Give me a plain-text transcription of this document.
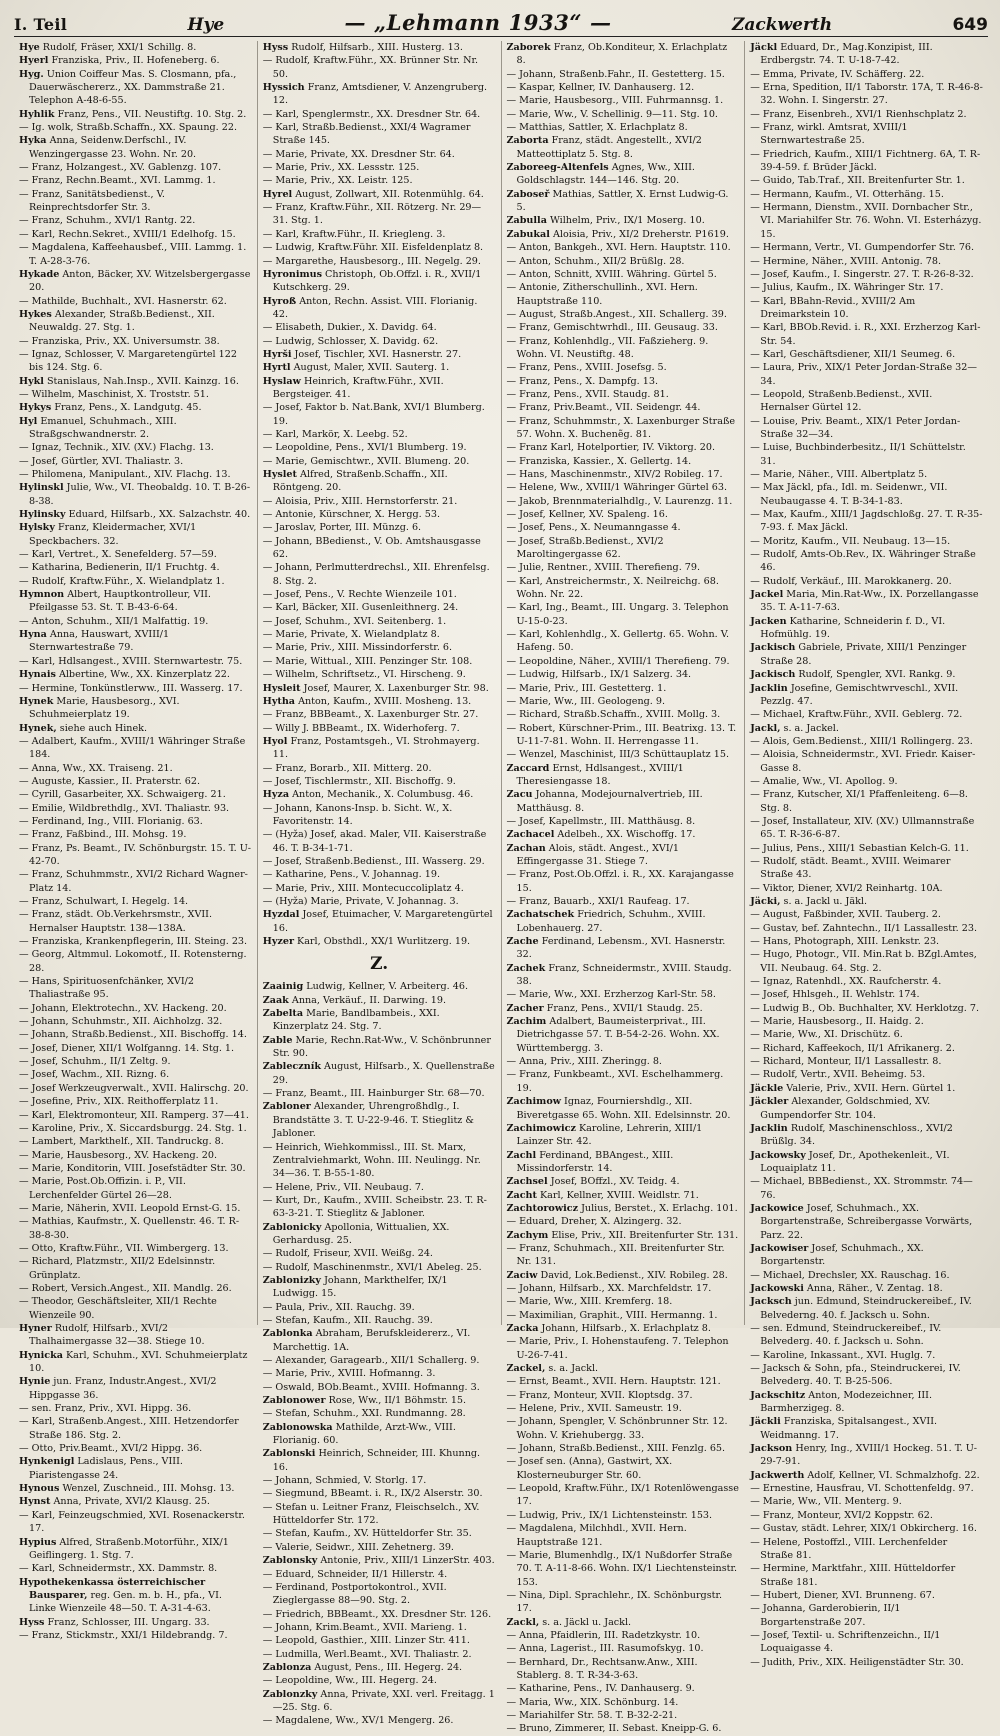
I. Teil	Hye	— „Lehmann 1933“ —	Zackwerth	649

Hye Rudolf, Fräser, XXI/1 Schillg. 8.

Hyerl Franziska, Priv., II. Hofeneberg. 6.

Hyg. Union Coiffeur Mas. S. Closmann, pfa., Dauerwäschererz., XX. Dammstraße 21. Telephon A-48-6-55.

Hyhlik Franz, Pens., VII. Neustiftg. 10. Stg. 2.

— Ig. wolk, Straßb.Schaffn., XX. Spaung. 22.

Hyka Anna, Seidenw.Derfschl., IV. Wenzingergasse 23. Wohn. Nr. 20.

— Franz, Holzangest., XV. Gablenzg. 107.

— Franz, Rechn.Beamt., XVI. Lammg. 1.

— Franz, Sanitätsbedienst., V. Reinprechtsdorfer Str. 3.

— Franz, Schuhm., XVI/1 Rantg. 22.

— Karl, Rechn.Sekret., XVIII/1 Edelhofg. 15.

— Magdalena, Kaffeehausbef., VIII. Lammg. 1. T. A-28-3-76.

Hykade Anton, Bäcker, XV. Witzelsbergergasse 20.

— Mathilde, Buchhalt., XVI. Hasnerstr. 62.

Hykes Alexander, Straßb.Bedienst., XII. Neuwaldg. 27. Stg. 1.

— Franziska, Priv., XX. Universumstr. 38.

— Ignaz, Schlosser, V. Margaretengürtel 122 bis 124. Stg. 6.

Hykl Stanislaus, Nah.Insp., XVII. Kainzg. 16.

— Wilhelm, Maschinist, X. Troststr. 51.

Hykys Franz, Pens., X. Landgutg. 45.

Hyl Emanuel, Schuhmach., XIII. Straßgschwandnerstr. 2.

— Ignaz, Technik., XIV. (XV.) Flachg. 13.

— Josef, Gürtler, XVI. Thaliastr. 3.

— Philomena, Manipulant., XIV. Flachg. 13.

Hylinskl Julie, Ww., VI. Theobaldg. 10. T. B-26-8-38.

Hylinsky Eduard, Hilfsarb., XX. Salzachstr. 40.

Hylsky Franz, Kleidermacher, XVI/1 Speckbachers. 32.

— Karl, Vertret., X. Senefelderg. 57—59.

— Katharina, Bedienerin, II/1 Fruchtg. 4.

— Rudolf, Kraftw.Führ., X. Wielandplatz 1.

Hymnon Albert, Hauptkontrolleur, VII. Pfeilgasse 53. St. T. B-43-6-64.

— Anton, Schuhm., XII/1 Malfattig. 19.

Hyna Anna, Hauswart, XVIII/1 Sternwartestraße 79.

— Karl, Hdlsangest., XVIII. Sternwartestr. 75.

Hynais Albertine, Ww., XX. Kinzerplatz 22.

— Hermine, Tonkünstlerww., III. Wasserg. 17.

Hynek Marie, Hausbesorg., XVI. Schuhmeierplatz 19.

Hynek, siehe auch Hinek.

— Adalbert, Kaufm., XVIII/1 Währinger Straße 184.

— Anna, Ww., XX. Traiseng. 21.

— Auguste, Kassier., II. Praterstr. 62.

— Cyrill, Gasarbeiter, XX. Schwaigerg. 21.

— Emilie, Wildbrethdlg., XVI. Thaliastr. 93.

— Ferdinand, Ing., VIII. Florianig. 63.

— Franz, Faßbind., III. Mohsg. 19.

— Franz, Ps. Beamt., IV. Schönburgstr. 15. T. U-42-70.

— Franz, Schuhmmstr., XVI/2 Richard Wagner-Platz 14.

— Franz, Schulwart, I. Hegelg. 14.

— Franz, städt. Ob.Verkehrsmstr., XVII. Hernalser Hauptstr. 138—138A.

— Franziska, Krankenpflegerin, III. Steing. 23.

— Georg, Altmmul. Lokomotf., II. Rotensterng. 28.

— Hans, Spirituosenfchänker, XVI/2 Thaliastraße 95.

— Johann, Elektrotechn., XV. Hackeng. 20.

— Johann, Schuhmstr., XII. Aichholzg. 32.

— Johann, Straßb.Bedienst., XII. Bischoffg. 14.

— Josef, Diener, XII/1 Wolfganng. 14. Stg. 1.

— Josef, Schuhm., II/1 Zeltg. 9.

— Josef, Wachm., XII. Rizng. 6.

— Josef Werkzeugverwalt., XVII. Halirschg. 20.

— Josefine, Priv., XIX. Reithofferplatz 11.

— Karl, Elektromonteur, XII. Ramperg. 37—41.

— Karoline, Priv., X. Siccardsburgg. 24. Stg. 1.

— Lambert, Markthelf., XII. Tandruckg. 8.

— Marie, Hausbesorg., XV. Hackeng. 20.

— Marie, Konditorin, VIII. Josefstädter Str. 30.

— Marie, Post.Ob.Offizin. i. P., VII. Lerchenfelder Gürtel 26—28.

— Marie, Näherin, XVII. Leopold Ernst-G. 15.

— Mathias, Kaufmstr., X. Quellenstr. 46. T. R-38-8-30.

— Otto, Kraftw.Führ., VII. Wimbergerg. 13.

— Richard, Platzmstr., XII/2 Edelsinnstr. Grünplatz.

— Robert, Versich.Angest., XII. Mandlg. 26.

— Theodor, Geschäftsleiter, XII/1 Rechte Wienzeile 90.

Hyner Rudolf, Hilfsarb., XVI/2 Thalhaimergasse 32—38. Stiege 10.

Hynicka Karl, Schuhm., XVI. Schuhmeierplatz 10.

Hynie jun. Franz, Industr.Angest., XVI/2 Hippgasse 36.

— sen. Franz, Priv., XVI. Hippg. 36.

— Karl, Straßenb.Angest., XIII. Hetzendorfer Straße 186. Stg. 2.

— Otto, Priv.Beamt., XVI/2 Hippg. 36.

Hynkenigl Ladislaus, Pens., VIII. Piaristengasse 24.

Hynous Wenzel, Zuschneid., III. Mohsg. 13.

Hynst Anna, Private, XVI/2 Klausg. 25.

— Karl, Feinzeugschmied, XVI. Rosenackerstr. 17.

Hypius Alfred, Straßenb.Motorführ., XIX/1 Geiflingerg. 1. Stg. 7.

— Karl, Schneidermstr., XX. Dammstr. 8.

Hypothekenkassa österreichischer Bausparer, reg. Gen. m. b. H., pfa., VI. Linke Wienzeile 48—50. T. A-31-4-63.

Hyss Franz, Schlosser, III. Ungarg. 33.

— Franz, Stickmstr., XXI/1 Hildebrandg. 7.

Hyss Rudolf, Hilfsarb., XIII. Husterg. 13.

— Rudolf, Kraftw.Führ., XX. Brünner Str. Nr. 50.

Hyssich Franz, Amtsdiener, V. Anzengruberg. 12.

— Karl, Spenglermstr., XX. Dresdner Str. 64.

— Karl, Straßb.Bedienst., XXI/4 Wagramer Straße 145.

— Marie, Private, XX. Dresdner Str. 64.

— Marie, Priv., XX. Lessstr. 125.

— Marie, Priv., XX. Leistr. 125.

Hyrel August, Zollwart, XII. Rotenmühlg. 64.

— Franz, Kraftw.Führ., XII. Rötzerg. Nr. 29—31. Stg. 1.

— Karl, Kraftw.Führ., II. Kriegleng. 3.

— Ludwig, Kraftw.Führ. XII. Eisfeldenplatz 8.

— Margarethe, Hausbesorg., III. Negelg. 29.

Hyronimus Christoph, Ob.Offzl. i. R., XVII/1 Kutschkerg. 29.

Hyroß Anton, Rechn. Assist. VIII. Florianig. 42.

— Elisabeth, Dukier., X. Davidg. 64.

— Ludwig, Schlosser, X. Davidg. 62.

Hyrši Josef, Tischler, XVI. Hasnerstr. 27.

Hyrtl August, Maler, XVII. Sauterg. 1.

Hyslaw Heinrich, Kraftw.Führ., XVII. Bergsteiger. 41.

— Josef, Faktor b. Nat.Bank, XVI/1 Blumberg. 19.

— Karl, Markör, X. Leebg. 52.

— Leopoldine, Pens., XVI/1 Blumberg. 19.

— Marie, Gemischtwr., XVII. Blumeng. 20.

Hyslet Alfred, Straßenb.Schaffn., XII. Röntgeng. 20.

— Aloisia, Priv., XIII. Hernstorferstr. 21.

— Antonie, Kürschner, X. Hergg. 53.

— Jaroslav, Porter, III. Münzg. 6.

— Johann, BBedienst., V. Ob. Amtshausgasse 62.

— Johann, Perlmutterdrechsl., XII. Ehrenfelsg. 8. Stg. 2.

— Josef, Pens., V. Rechte Wienzeile 101.

— Karl, Bäcker, XII. Gusenleithnerg. 24.

— Josef, Schuhm., XVI. Seitenberg. 1.

— Marie, Private, X. Wielandplatz 8.

— Marie, Priv., XIII. Missindorferstr. 6.

— Marie, Wittual., XIII. Penzinger Str. 108.

— Wilhelm, Schriftsetz., VI. Hirscheng. 9.

Hysleit Josef, Maurer, X. Laxenburger Str. 98.

Hytha Anton, Kaufm., XVIII. Mosheng. 13.

— Franz, BBBeamt., X. Laxenburger Str. 27.

— Willy J. BBBeamt., IX. Widerhoferg. 7.

Hyol Franz, Postamtsgeh., VI. Strohmayerg. 11.

— Franz, Borarb., XII. Mitterg. 20.

— Josef, Tischlermstr., XII. Bischoffg. 9.

Hyza Anton, Mechanik., X. Columbusg. 46.

— Johann, Kanons-Insp. b. Sicht. W., X. Favoritenstr. 14.

— (Hyža) Josef, akad. Maler, VII. Kaiserstraße 46. T. B-34-1-71.

— Josef, Straßenb.Bedienst., III. Wasserg. 29.

— Katharine, Pens., V. Johannag. 19.

— Marie, Priv., XIII. Montecuccoliplatz 4.

— (Hyža) Marie, Private, V. Johannag. 3.

Hyzdal Josef, Etuimacher, V. Margaretengürtel 16.

Hyzer Karl, Obsthdl., XX/1 Wurlitzerg. 19.

Z.

Zaainig Ludwig, Kellner, V. Arbeiterg. 46.

Zaak Anna, Verkäuf., II. Darwing. 19.

Zabelta Marie, Bandlbambeis., XXI. Kinzerplatz 24. Stg. 7.

Zable Marie, Rechn.Rat-Ww., V. Schönbrunner Str. 90.

Zableczník August, Hilfsarb., X. Quellenstraße 29.

— Franz, Beamt., III. Hainburger Str. 68—70.

Zabloner Alexander, Uhrengroßhdlg., I. Brandstätte 3. T. U-22-9-46. T. Stieglitz & Jabloner.

— Heinrich, Wiehkommissl., III. St. Marx, Zentralviehmarkt, Wohn. III. Neulingg. Nr. 34—36. T. B-55-1-80.

— Helene, Priv., VII. Neubaug. 7.

— Kurt, Dr., Kaufm., XVIII. Scheibstr. 23. T. R-63-3-21. T. Stieglitz & Jabloner.

Zablonicky Apollonia, Wittualien, XX. Gerhardusg. 25.

— Rudolf, Friseur, XVII. Weißg. 24.

— Rudolf, Maschinenmstr., XVI/1 Abeleg. 25.

Zablonizky Johann, Markthelfer, IX/1 Ludwigg. 15.

— Paula, Priv., XII. Rauchg. 39.

— Stefan, Kaufm., XII. Rauchg. 39.

Zablonka Abraham, Berufskleidererz., VI. Marchettig. 1A.

— Alexander, Garagearb., XII/1 Schallerg. 9.

— Marie, Priv., XVIII. Hofmanng. 3.

— Oswald, BOb.Beamt., XVIII. Hofmanng. 3.

Zablonower Rose, Ww., II/1 Böhmstr. 15.

— Stefan, Schuhm., XXI. Rundmanng. 28.

Zablonowska Mathilde, Arzt-Ww., VIII. Florianig. 60.

Zablonski Heinrich, Schneider, III. Khunng. 16.

— Johann, Schmied, V. Storlg. 17.

— Siegmund, BBeamt. i. R., IX/2 Alserstr. 30.

— Stefan u. Leitner Franz, Fleischselch., XV. Hütteldorfer Str. 172.

— Stefan, Kaufm., XV. Hütteldorfer Str. 35.

— Valerie, Seidwr., XIII. Zehetnerg. 39.

Zablonsky Antonie, Priv., XIII/1 LinzerStr. 403.

— Eduard, Schneider, II/1 Hillerstr. 4.

— Ferdinand, Postportokontrol., XVII. Zieglergasse 88—90. Stg. 2.

— Friedrich, BBBeamt., XX. Dresdner Str. 126.

— Johann, Krim.Beamt., XVII. Marieng. 1.

— Leopold, Gasthier., XIII. Linzer Str. 411.

— Ludmilla, Werl.Beamt., XVI. Thaliastr. 2.

Zablonza August, Pens., III. Hegerg. 24.

— Leopoldine, Ww., III. Hegerg. 24.

Zablonzky Anna, Private, XXI. verl. Freitagg. 1—25. Stg. 6.

— Magdalene, Ww., XV/1 Mengerg. 26.

Zaborek Franz, Ob.Konditeur, X. Erlachplatz 8.

— Johann, Straßenb.Fahr., II. Gestetterg. 15.

— Kaspar, Kellner, IV. Danhauserg. 12.

— Marie, Hausbesorg., VIII. Fuhrmannsg. 1.

— Marie, Ww., V. Schellinig. 9—11. Stg. 10.

— Matthias, Sattler, X. Erlachplatz 8.

Zaborta Franz, städt. Angestellt., XVI/2 Matteottiplatz 5. Stg. 8.

Zaboreeg-Altenfels Agnes, Ww., XIII. Goldschlagstr. 144—146. Stg. 20.

Zaboseř Mathias, Sattler, X. Ernst Ludwig-G. 5.

Zabulla Wilhelm, Priv., IX/1 Moserg. 10.

Zabukal Aloisia, Priv., XI/2 Dreherstr. P1619.

— Anton, Bankgeh., XVI. Hern. Hauptstr. 110.

— Anton, Schuhm., XII/2 Brüßlg. 28.

— Anton, Schnitt, XVIII. Währing. Gürtel 5.

— Antonie, Zitherschullinh., XVI. Hern. Hauptstraße 110.

— August, Straßb.Angest., XII. Schallerg. 39.

— Franz, Gemischtwrhdl., III. Geusaug. 33.

— Franz, Kohlenhdlg., VII. Faßzieherg. 9. Wohn. VI. Neustiftg. 48.

— Franz, Pens., XVIII. Josefsg. 5.

— Franz, Pens., X. Dampfg. 13.

— Franz, Pens., XVII. Staudg. 81.

— Franz, Priv.Beamt., VII. Seidengr. 44.

— Franz, Schuhmmstr., X. Laxenburger Straße 57. Wohn. X. Buchenẽg. 81.

— Franz Karl, Hotelportier, IV. Viktorg. 20.

— Franziska, Kassier., X. Gellertg. 14.

— Hans, Maschinenmstr., XIV/2 Robileg. 17.

— Helene, Ww., XVIII/1 Währinger Gürtel 63.

— Jakob, Brennmaterialhdlg., V. Laurenzg. 11.

— Josef, Kellner, XV. Spaleng. 16.

— Josef, Pens., X. Neumanngasse 4.

— Josef, Straßb.Bedienst., XVI/2 Maroltingergasse 62.

— Julie, Rentner., XVIII. Therefieng. 79.

— Karl, Anstreichermstr., X. Neilreichg. 68. Wohn. Nr. 22.

— Karl, Ing., Beamt., III. Ungarg. 3. Telephon U-15-0-23.

— Karl, Kohlenhdlg., X. Gellertg. 65. Wohn. V. Hafeng. 50.

— Leopoldine, Näher., XVIII/1 Therefieng. 79.

— Ludwig, Hilfsarb., IX/1 Salzerg. 34.

— Marie, Priv., III. Gestetterg. 1.

— Marie, Ww., III. Geologeng. 9.

— Richard, Straßb.Schaffn., XVIII. Mollg. 3.

— Robert, Kürschner-Prim., III. Beatrixg. 13. T. U-11-7-81. Wohn. II. Herrengasse 11.

— Wenzel, Maschinist, III/3 Schüttauplatz 15.

Zaccard Ernst, Hdlsangest., XVIII/1 Theresiengasse 18.

Zacu Johanna, Modejournalvertrieb, III. Matthäusg. 8.

— Josef, Kapellmstr., III. Matthäusg. 8.

Zachacel Adelbeh., XX. Wischoffg. 17.

Zachan Alois, städt. Angest., XVI/1 Effingergasse 31. Stiege 7.

— Franz, Post.Ob.Offzl. i. R., XX. Karajangasse 15.

— Franz, Bauarb., XXI/1 Raufeag. 17.

Zachatschek Friedrich, Schuhm., XVIII. Lobenhauerg. 27.

Zache Ferdinand, Lebensm., XVI. Hasnerstr. 32.

Zachek Franz, Schneidermstr., XVIII. Staudg. 38.

— Marie, Ww., XXI. Erzherzog Karl-Str. 58.

Zacher Franz, Pens., XVII/1 Staudg. 25.

Zachim Adalbert, Baumeisterprivat., III. Dietrichgasse 57. T. B-54-2-26. Wohn. XX. Württembergg. 3.

— Anna, Priv., XIII. Zheringg. 8.

— Franz, Funkbeamt., XVI. Eschelhammerg. 19.

Zachimow Ignaz, Fourniershdlg., XII. Biveretgasse 65. Wohn. XII. Edelsinnstr. 20.

Zachimowicz Karoline, Lehrerin, XIII/1 Lainzer Str. 42.

Zachl Ferdinand, BBAngest., XIII. Missindorferstr. 14.

Zachsel Josef, BOffzl., XV. Teidg. 4.

Zacht Karl, Kellner, XVIII. Weidlstr. 71.

Zachtorowicz Julius, Berstet., X. Erlachg. 101.

— Eduard, Dreher, X. Alzingerg. 32.

Zachym Elise, Priv., XII. Breitenfurter Str. 131.

— Franz, Schuhmach., XII. Breitenfurter Str. Nr. 131.

Zaciw David, Lok.Bedienst., XIV. Robileg. 28.

— Johann, Hilfsarb., XX. Marchfeldstr. 17.

— Marie, Ww., XIII. Kremferg. 18.

— Maximilian, Graphit., VIII. Hermanng. 1.

Zacka Johann, Hilfsarb., X. Erlachplatz 8.

— Marie, Priv., I. Hohenstaufeng. 7. Telephon U-26-7-41.

Zackel, s. a. Jackl.

— Ernst, Beamt., XVII. Hern. Hauptstr. 121.

— Franz, Monteur, XVII. Kloptsdg. 37.

— Helene, Priv., XVII. Sameustr. 19.

— Johann, Spengler, V. Schönbrunner Str. 12. Wohn. V. Kriehubergg. 33.

— Johann, Straßb.Bedienst., XIII. Fenzlg. 65.

— Josef sen. (Anna), Gastwirt, XX. Klosterneuburger Str. 60.

— Leopold, Kraftw.Führ., IX/1 Rotenlöwengasse 17.

— Ludwig, Priv., IX/1 Lichtensteinstr. 153.

— Magdalena, Milchhdl., XVII. Hern. Hauptstraße 121.

— Marie, Blumenhdlg., IX/1 Nußdorfer Straße 70. T. A-11-8-66. Wohn. IX/1 Liechtensteinstr. 153.

— Nina, Dipl. Sprachlehr., IX. Schönburgstr. 17.

Zackl, s. a. Jäckl u. Jackl.

— Anna, Pfaidlerin, III. Radetzkystr. 10.

— Anna, Lagerist., III. Rasumofskyg. 10.

— Bernhard, Dr., Rechtsanw.Anw., XIII. Stablerg. 8. T. R-34-3-63.

— Katharine, Pens., IV. Danhauserg. 9.

— Maria, Ww., XIX. Schönburg. 14.

— Mariahilfer Str. 58. T. B-32-2-21.

— Bruno, Zimmerer, II. Sebast. Kneipp-G. 6.

Jäckl Eduard, Dr., Mag.Konzipist, III. Erdbergstr. 74. T. U-18-7-42.

— Emma, Private, IV. Schäfferg. 22.

— Erna, Spedition, II/1 Taborstr. 17A, T. R-46-8-32. Wohn. I. Singerstr. 27.

— Franz, Eisenbreh., XVI/1 Rienhschplatz 2.

— Franz, wirkl. Amtsrat, XVIII/1 Sternwartestraße 25.

— Friedrich, Kaufm., XIII/1 Fichtnerg. 6A, T. R-39-4-59. f. Brüder Jäckl.

— Guido, Tab.Traf., XII. Breitenfurter Str. 1.

— Hermann, Kaufm., VI. Otterhäng. 15.

— Hermann, Dienstm., XVII. Dornbacher Str., VI. Mariahilfer Str. 76. Wohn. VI. Esterházyg. 15.

— Hermann, Vertr., VI. Gumpendorfer Str. 76.

— Hermine, Näher., XVIII. Antonig. 78.

— Josef, Kaufm., I. Singerstr. 27. T. R-26-8-32.

— Julius, Kaufm., IX. Währinger Str. 17.

— Karl, BBahn-Revid., XVIII/2 Am Dreimarkstein 10.

— Karl, BBOb.Revid. i. R., XXI. Erzherzog Karl-Str. 54.

— Karl, Geschäftsdiener, XII/1 Seumeg. 6.

— Laura, Priv., XIX/1 Peter Jordan-Straße 32—34.

— Leopold, Straßenb.Bedienst., XVII. Hernalser Gürtel 12.

— Louise, Priv. Beamt., XIX/1 Peter Jordan-Straße 32—34.

— Luise, Buchbinderbesitz., II/1 Schüttelstr. 31.

— Marie, Näher., VIII. Albertplatz 5.

— Max Jäckl, pfa., Idl. m. Seidenwr., VII. Neubaugasse 4. T. B-34-1-83.

— Max, Kaufm., XIII/1 Jagdschloßg. 27. T. R-35-7-93. f. Max Jäckl.

— Moritz, Kaufm., VII. Neubaug. 13—15.

— Rudolf, Amts-Ob.Rev., IX. Währinger Straße 46.

— Rudolf, Verkäuf., III. Marokkanerg. 20.

Jackel Maria, Min.Rat-Ww., IX. Porzellangasse 35. T. A-11-7-63.

Jacken Katharine, Schneiderin f. D., VI. Hofmühlg. 19.

Jackisch Gabriele, Private, XIII/1 Penzinger Straße 28.

Jackisch Rudolf, Spengler, XVI. Rankg. 9.

Jacklin Josefine, Gemischtwrveschl., XVII. Pezzlg. 47.

— Michael, Kraftw.Führ., XVII. Geblerg. 72.

Jackl, s. a. Jackel.

— Alois, Gem.Bedienst., XIII/1 Rollingerg. 23.

— Aloisia, Schneidermstr., XVI. Friedr. Kaiser-Gasse 8.

— Amalie, Ww., VI. Apollog. 9.

— Franz, Kutscher, XI/1 Pfaffenleiteng. 6—8. Stg. 8.

— Josef, Installateur, XIV. (XV.) Ullmannstraße 65. T. R-36-6-87.

— Julius, Pens., XIII/1 Sebastian Kelch-G. 11.

— Rudolf, städt. Beamt., XVIII. Weimarer Straße 43.

— Viktor, Diener, XVI/2 Reinhartg. 10A.

Jäcki, s. a. Jackl u. Jäkl.

— August, Faßbinder, XVII. Tauberg. 2.

— Gustav, bef. Zahntechn., II/1 Lassallestr. 23.

— Hans, Photograph, XIII. Lenkstr. 23.

— Hugo, Photogr., VII. Min.Rat b. BZgl.Amtes, VII. Neubaug. 64. Stg. 2.

— Ignaz, Ratenhdl., XX. Raufcherstr. 4.

— Josef, Hhlsgeh., II. Wehlstr. 174.

— Ludwig B., Ob. Buchhalter, XV. Herklotzg. 7.

— Marie, Hausbesorg., II. Haidg. 2.

— Marie, Ww., XI. Drischütz. 6.

— Richard, Kaffeekoch, II/1 Afrikanerg. 2.

— Richard, Monteur, II/1 Lassallestr. 8.

— Rudolf, Vertr., XVII. Beheimg. 53.

Jäckle Valerie, Priv., XVII. Hern. Gürtel 1.

Jäckler Alexander, Goldschmied, XV. Gumpendorfer Str. 104.

Jacklin Rudolf, Maschinenschloss., XVI/2 Brüßlg. 34.

Jackowsky Josef, Dr., Apothekenleit., VI. Loquaiplatz 11.

— Michael, BBBedienst., XX. Strommstr. 74—76.

Jackowice Josef, Schuhmach., XX. Borgartenstraße, Schreibergasse Vorwärts, Parz. 22.

Jackowiser Josef, Schuhmach., XX. Borgartenstr.

— Michael, Drechsler, XX. Rauschag. 16.

Jackowski Anna, Räher., V. Zentag. 18.

Jacksch jun. Edmund, Steindruckereibef., IV. Belvederng. 40. f. Jacksch u. Sohn.

— sen. Edmund, Steindruckereibef., IV. Belvederg. 40. f. Jacksch u. Sohn.

— Karoline, Inkassant., XVI. Huglg. 7.

— Jacksch & Sohn, pfa., Steindruckerei, IV. Belvederg. 40. T. B-25-506.

Jackschitz Anton, Modezeichner, III. Barmherzigeg. 8.

Jäckli Franziska, Spitalsangest., XVII. Weidmanng. 17.

Jackson Henry, Ing., XVIII/1 Hockeg. 51. T. U-29-7-91.

Jackwerth Adolf, Kellner, VI. Schmalzhofg. 22.

— Ernestine, Hausfrau, VI. Schottenfeldg. 97.

— Marie, Ww., VII. Menterg. 9.

— Franz, Monteur, XVI/2 Koppstr. 62.

— Gustav, städt. Lehrer, XIX/1 Obkircherg. 16.

— Helene, Postoffzl., VIII. Lerchenfelder Straße 81.

— Hermine, Marktfahr., XIII. Hütteldorfer Straße 181.

— Hubert, Diener, XVI. Brunneng. 67.

— Johanna, Garderobierin, II/1 Borgartenstraße 207.

— Josef, Textil- u. Schriftenzeichn., II/1 Loquaigasse 4.

— Judith, Priv., XIX. Heiligenstädter Str. 30.
